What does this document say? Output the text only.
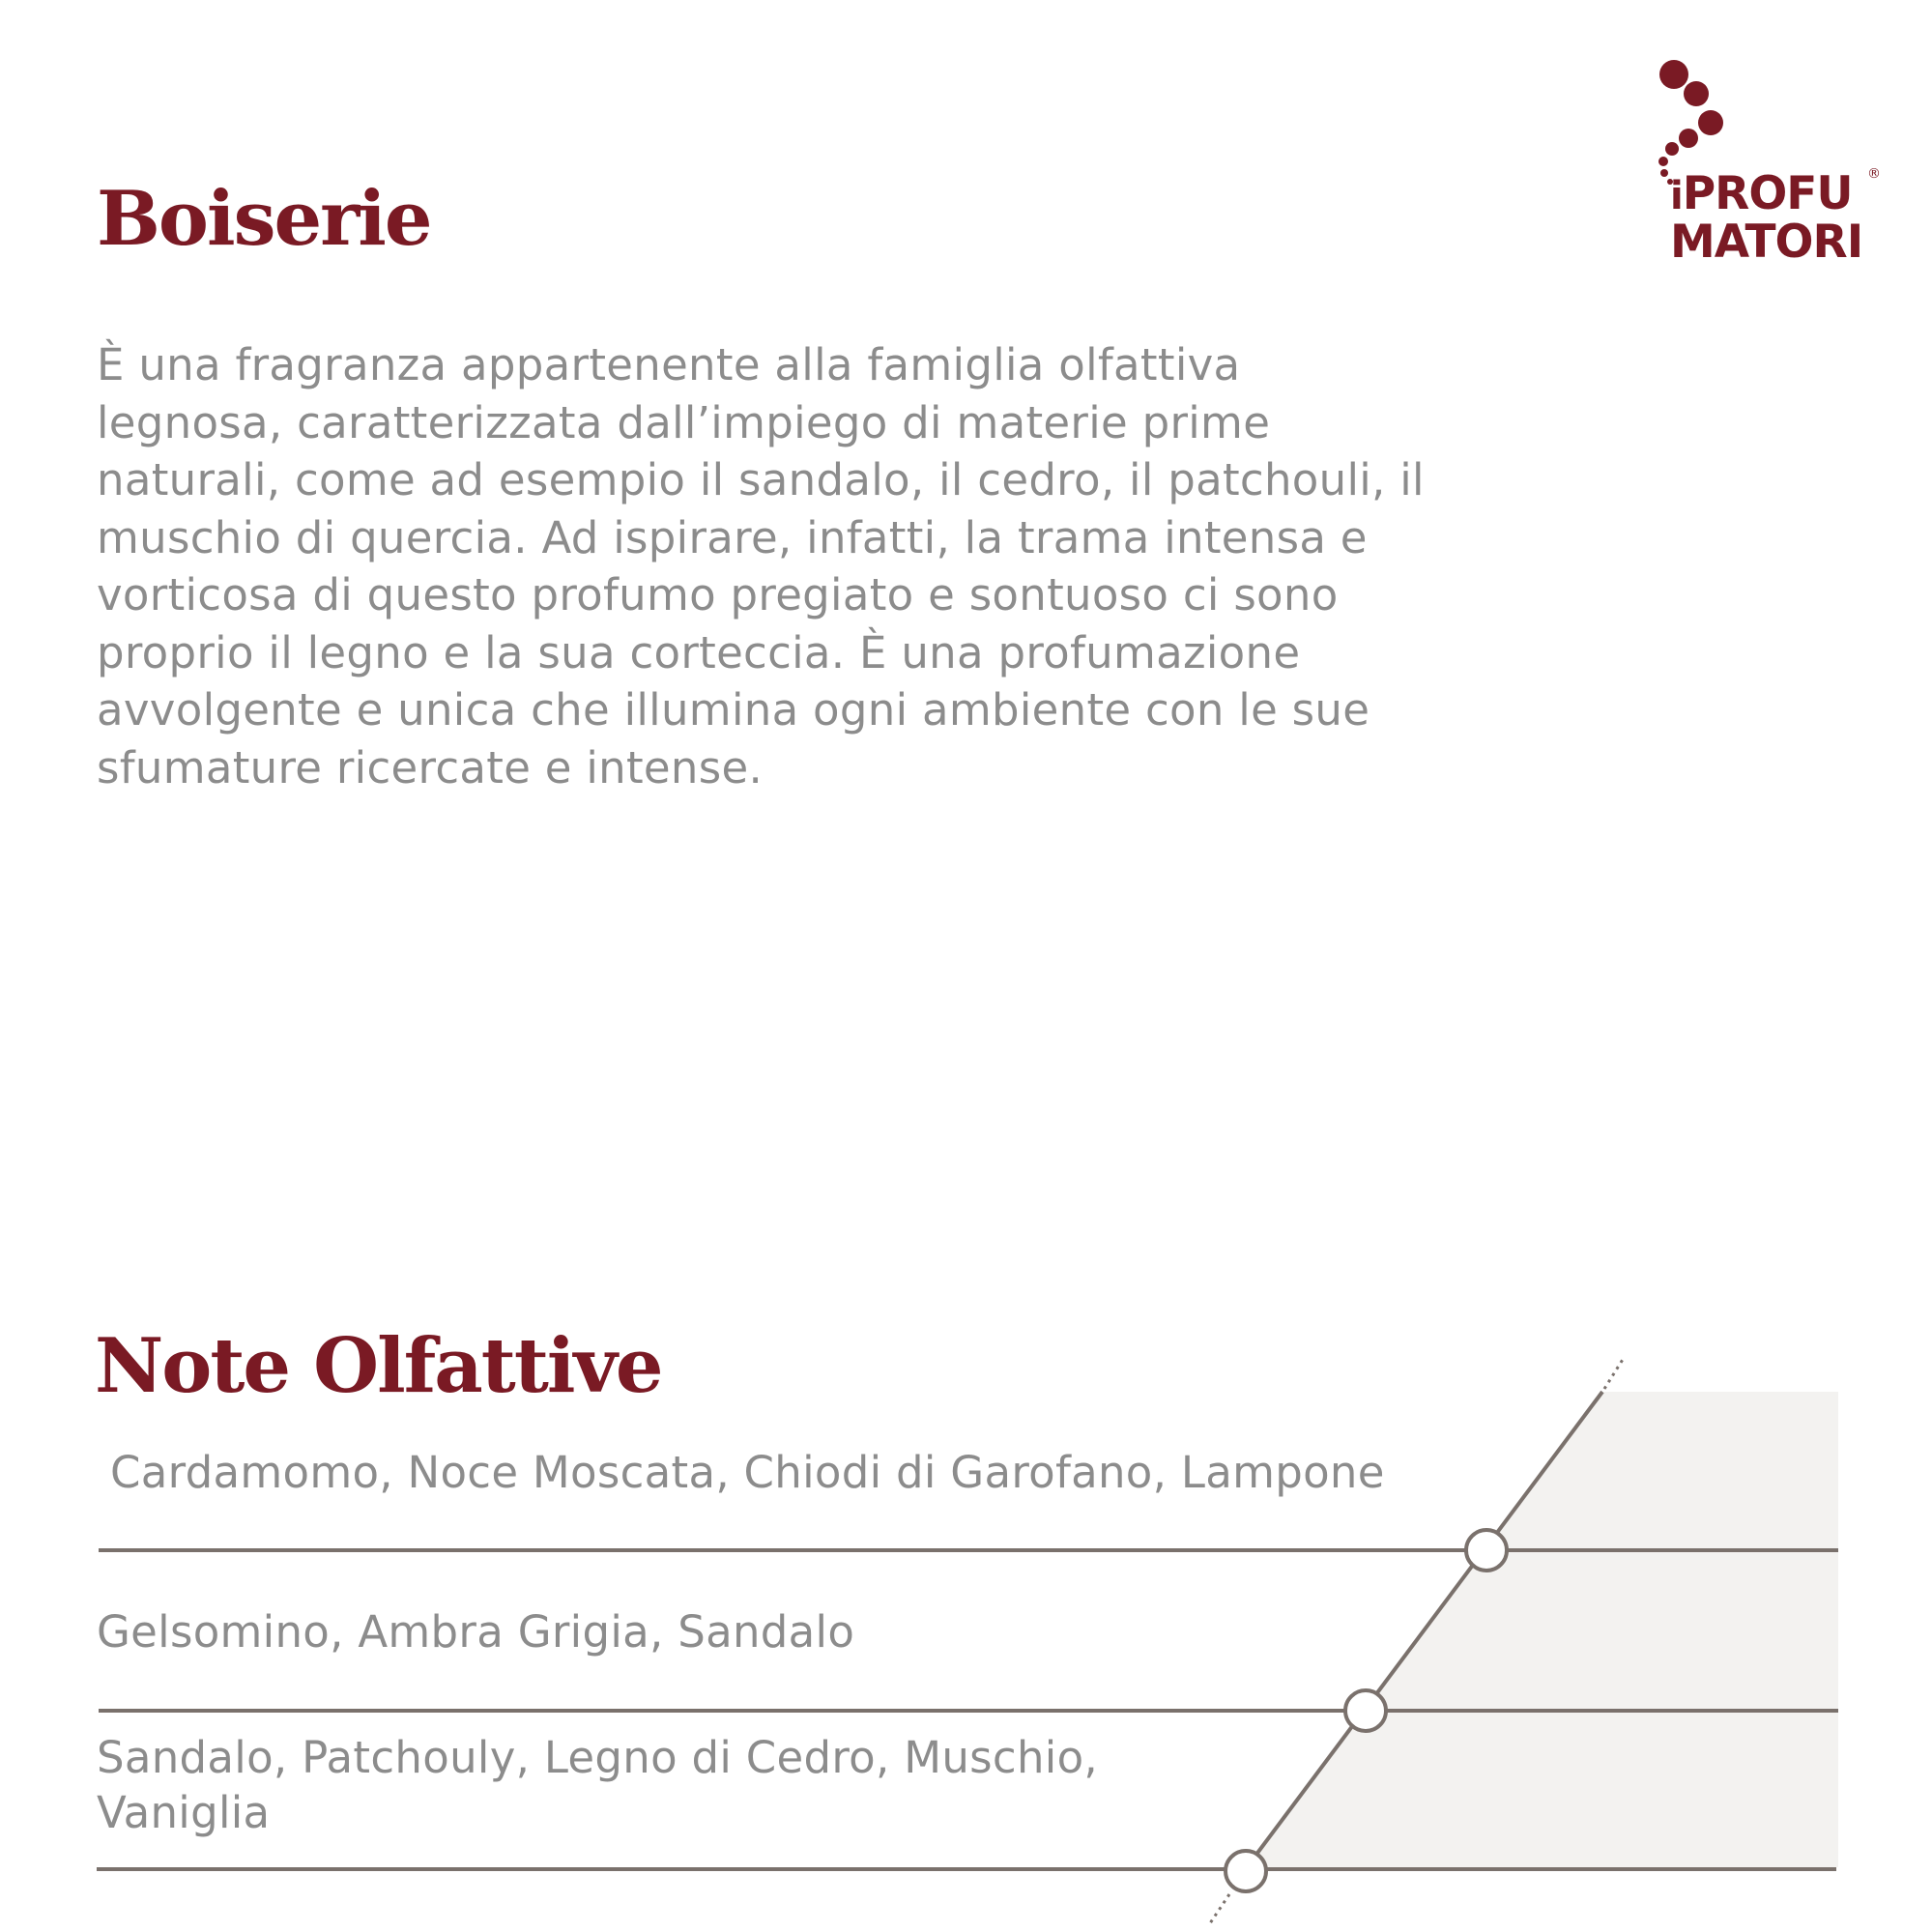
iPROFU
MATORI
®
Boiserie
È una fragranza appartenente alla famiglia olfattiva
legnosa, caratterizzata dall’impiego di materie prime
naturali, come ad esempio il sandalo, il cedro, il patchouli, il
muschio di quercia. Ad ispirare, infatti, la trama intensa e
vorticosa di questo profumo pregiato e sontuoso ci sono
proprio il legno e la sua corteccia. È una profumazione
avvolgente e unica che illumina ogni ambiente con le sue
sfumature ricercate e intense.
Note Olfattive
Cardamomo, Noce Moscata, Chiodi di Garofano, Lampone
Gelsomino, Ambra Grigia, Sandalo
Sandalo, Patchouly, Legno di Cedro, Muschio,
Vaniglia
